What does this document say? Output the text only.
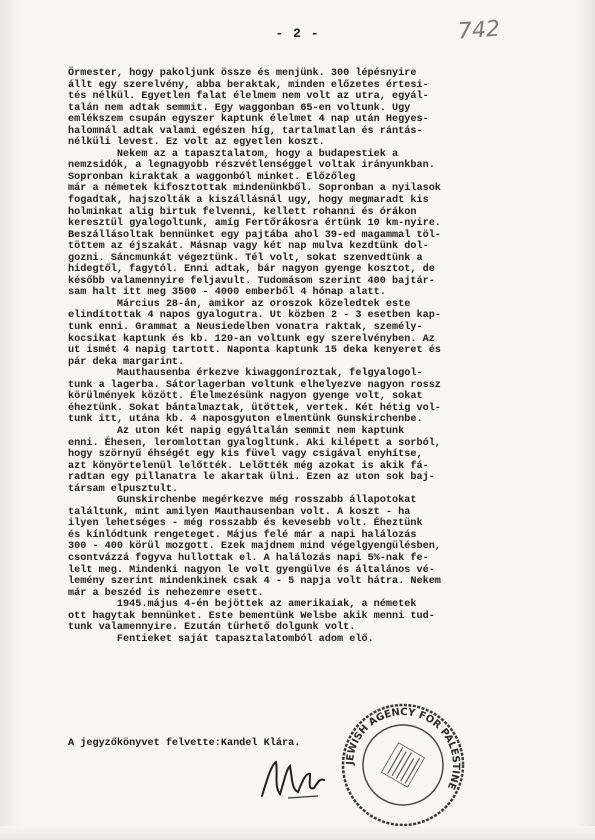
- 2 -	742

Örmester, hogy pakoljunk össze és menjünk. 300 lépésnyire

állt egy szerelvény, abba beraktak, minden előzetes értesi-

tés nélkül. Egyetlen falat élelmem nem volt az utra, egyál-

talán nem adtak semmit. Egy waggonban 65-en voltunk. Ugy

emlékszem csupán egyszer kaptunk élelmet 4 nap után Hegyes-

halomnál adtak valami egészen híg, tartalmatlan és rántás-

nélküli levest. Ez volt az egyetlen koszt.

Nekem az a tapasztalatom, hogy a budapestiek a

nemzsidók, a legnagyobb részvétlenséggel voltak irányunkban.

Sopronban kiraktak a waggonból minket. Előzőleg

már a németek kifosztottak mindenünkből. Sopronban a nyilasok

fogadtak, hajszolták a kiszállásnál ugy, hogy megmaradt kis

holminkat alig birtuk felvenni, kellett rohanni és órákon

keresztül gyalogoltunk, amíg Fertőrákosra értünk 10 km-nyire.

Beszállásoltak bennünket egy pajtába ahol 39-ed magammal töl-

töttem az éjszakát. Másnap vagy két nap mulva kezdtünk dol-

gozni. Sáncmunkát végeztünk. Tél volt, sokat szenvedtünk a

hidegtől, fagytól. Enni adtak, bár nagyon gyenge kosztot, de

később valamennyire feljavult. Tudomásom szerint 400 bajtár-

sam halt itt meg 3500 - 4000 emberből 4 hónap alatt.

Március 28-án, amikor az oroszok közeledtek este

elindítottak 4 napos gyalogutra. Ut közben 2 - 3 esetben kap-

tunk enni. Grammat a Neusiedelben vonatra raktak, személy-

kocsikat kaptunk és kb. 120-an voltunk egy szerelvényben. Az

ut ismét 4 napig tartott. Naponta kaptunk 15 deka kenyeret és

pár deka margarint.

Mauthausenba érkezve kiwaggoníroztak, felgyalogol-

tunk a lagerba. Sátorlagerban voltunk elhelyezve nagyon rossz

körülmények között. Élelmezésünk nagyon gyenge volt, sokat

éheztünk. Sokat bántalmaztak, ütöttek, vertek. Két hétig vol-

tunk itt, utána kb. 4 naposgyuton elmentünk Gunskirchenbe.

Az uton két napig egyáltalán semmit nem kaptunk

enni. Éhesen, leromlottan gyalogltunk. Aki kilépett a sorból,

hogy szörnyű éhségét egy kis füvel vagy csigával enyhítse,

azt könyörtelenül lelőtték. Lelőtték még azokat is akik fá-

radtan egy pillanatra le akartak ülni. Ezen az uton sok baj-

társam elpusztult.

Gunskirchenbe megérkezve még rosszabb állapotokat

találtunk, mint amilyen Mauthausenban volt. A koszt - ha

ilyen lehetséges - még rosszabb és kevesebb volt. Éheztünk

és kínlódtunk rengeteget. Május felé már a napi halálozás

300 - 400 körül mozgott. Ezek majdnem mind végelgyengülésben,

csontvázzá fogyva hullottak el. A halálozás napi 5%-nak fe-

lelt meg. Mindenki nagyon le volt gyengülve és általános vé-

lemény szerint mindenkinek csak 4 - 5 napja volt hátra. Nekem

már a beszéd is nehezemre esett.

1945.május 4-én bejöttek az amerikaiak, a németek

ott hagytak bennünket. Este bementünk Welsbe akik menni tud-

tunk valamennyire. Ezután türhető dolgunk volt.

Fentieket saját tapasztalatomból adom elő.

A jegyzőkönyvet felvette:Kandel Klára.
JEWISH AGENCY FOR PALESTINE
